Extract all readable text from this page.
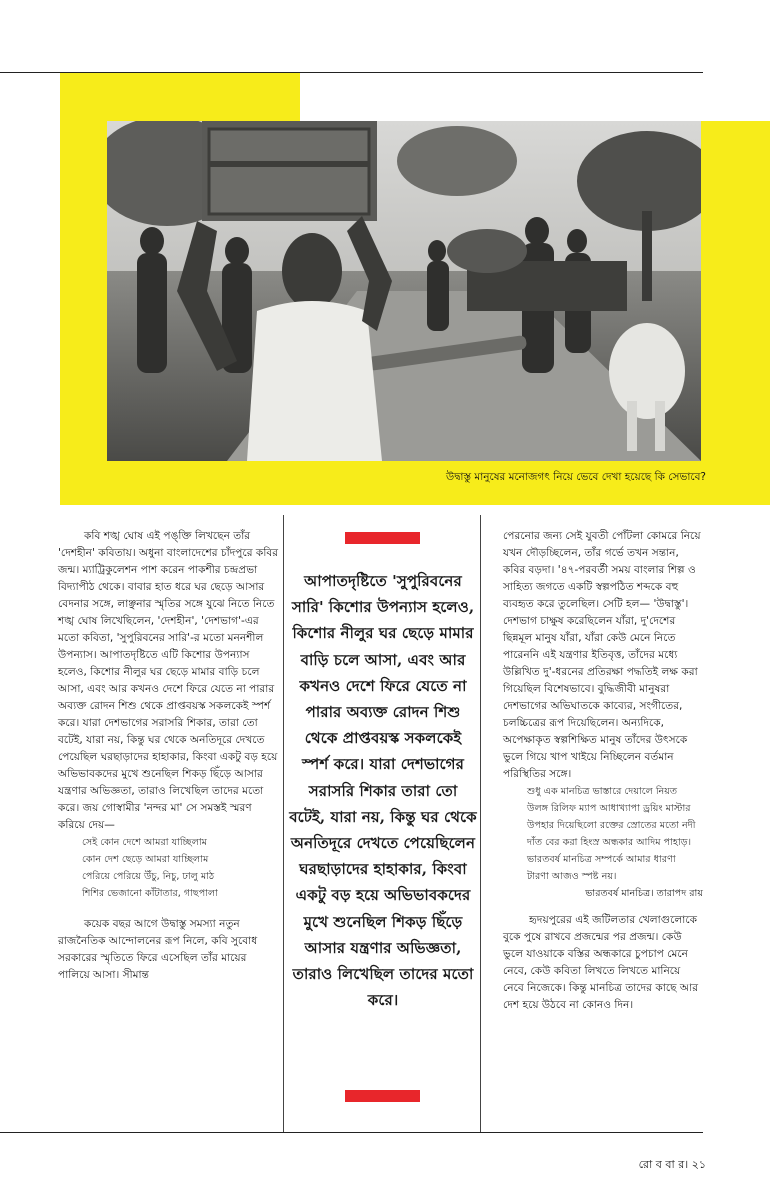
উদ্বাস্তু মানুষের মনোজগৎ নিয়ে ভেবে দেখা হয়েছে কি সেভাবে?

কবি শঙ্খ ঘোষ এই পঙ্‌ক্তি লিখছেন তাঁর 'দেশহীন' কবিতায়। অধুনা বাংলাদেশের চাঁদপুরে কবির জন্ম। ম্যাট্রিকুলেশন পাশ করেন পাকশীর চন্দ্রপ্রভা বিদ্যাপীঠ থেকে। বাবার হাত ধরে ঘর ছেড়ে আসার বেদনার সঙ্গে, লাঞ্ছনার স্মৃতির সঙ্গে যুঝে নিতে নিতে শঙ্খ ঘোষ লিখেছিলেন, 'দেশহীন', 'দেশভাগ'-এর মতো কবিতা, 'সুপুরিবনের সারি'-র মতো মননশীল উপন্যাস। আপাতদৃষ্টিতে এটি কিশোর উপন্যাস হলেও, কিশোর নীলুর ঘর ছেড়ে মামার বাড়ি চলে আসা, এবং আর কখনও দেশে ফিরে যেতে না পারার অব্যক্ত রোদন শিশু থেকে প্রাপ্তবয়স্ক সকলকেই স্পর্শ করে। যারা দেশভাগের সরাসরি শিকার, তারা তো বটেই, যারা নয়, কিন্তু ঘর থেকে অনতিদূরে দেখতে পেয়েছিল ঘরছাড়াদের হাহাকার, কিংবা একটু বড় হয়ে অভিভাবকদের মুখে শুনেছিল শিকড় ছিঁড়ে আসার যন্ত্রণার অভিজ্ঞতা, তারাও লিখেছিল তাদের মতো করে। জয় গোস্বামীর 'নন্দর মা' সে সমস্তই স্মরণ করিয়ে দেয়—

সেই কোন দেশে আমরা যাচ্ছিলাম
কোন দেশ ছেড়ে আমরা যাচ্ছিলাম
পেরিয়ে পেরিয়ে উঁচু, নিচু, ঢালু মাঠ
শিশির ভেজানো কাঁটাতার, গাছপালা

কয়েক বছর আগে উদ্বাস্তু সমস্যা নতুন রাজনৈতিক আন্দোলনের রূপ নিলে, কবি সুবোধ সরকারের স্মৃতিতে ফিরে এসেছিল তাঁর মায়ের পালিয়ে আসা। সীমান্ত

আপাতদৃষ্টিতে 'সুপুরিবনের সারি' কিশোর উপন্যাস হলেও, কিশোর নীলুর ঘর ছেড়ে মামার বাড়ি চলে আসা, এবং আর কখনও দেশে ফিরে যেতে না পারার অব্যক্ত রোদন শিশু থেকে প্রাপ্তবয়স্ক সকলকেই স্পর্শ করে। যারা দেশভাগের সরাসরি শিকার তারা তো বটেই, যারা নয়, কিন্তু ঘর থেকে অনতিদূরে দেখতে পেয়েছিলেন ঘরছাড়াদের হাহাকার, কিংবা একটু বড় হয়ে অভিভাবকদের মুখে শুনেছিল শিকড় ছিঁড়ে আসার যন্ত্রণার অভিজ্ঞতা, তারাও লিখেছিল তাদের মতো করে।

পেরনোর জন্য সেই যুবতী পোঁটলা কোমরে নিয়ে যখন দৌড়চ্ছিলেন, তাঁর গর্ভে তখন সন্তান, কবির বড়দা। '৪৭-পরবর্তী সময় বাংলার শিল্প ও সাহিত্য জগতে একটি স্বল্পপঠিত শব্দকে বহু ব্যবহৃত করে তুলেছিল। সেটি হল— 'উদ্বাস্তু'। দেশভাগ চাক্ষুষ করেছিলেন যাঁরা, দু'দেশের ছিন্নমূল মানুষ যাঁরা, যাঁরা কেউ মেনে নিতে পারেননি এই যন্ত্রণার ইতিবৃত্ত, তাঁদের মধ্যে উল্লিখিত দু'-ধরনের প্রতিরক্ষা পদ্ধতিই লক্ষ করা গিয়েছিল বিশেষভাবে। বুদ্ধিজীবী মানুষরা দেশভাগের অভিঘাতকে কাব্যের, সংগীতের, চলচ্চিত্রের রূপ দিয়েছিলেন। অন্যদিকে, অপেক্ষাকৃত স্বল্পশিক্ষিত মানুষ তাঁদের উৎসকে ভুলে গিয়ে খাপ খাইয়ে নিচ্ছিলেন বর্তমান পরিস্থিতির সঙ্গে।

শুধু এক মানচিত্র ভাস্তারে দেয়ালে নিয়ত
উলঙ্গ রিলিফ ম্যাপ আধাখ্যাপা ড্রয়িং মাস্টার
উপহার দিয়েছিলো রক্তের স্রোতের মতো নদী
দাঁত বের করা হিংস্র অন্ধকার আদিম পাহাড়।
ভারতবর্ষ মানচিত্র সম্পর্কে আমার ধারণা
টারণা আজও স্পষ্ট নয়।
ভারতবর্ষ মানচিত্র। তারাপদ রায়

হৃদয়পুরের এই জটিলতার খেলাগুলোকে বুকে পুষে রাখবে প্রজন্মের পর প্রজন্ম। কেউ ভুলে যাওয়াকে বস্তির অন্ধকারে চুপচাপ মেনে নেবে, কেউ কবিতা লিখতে লিখতে মানিয়ে নেবে নিজেকে। কিন্তু মানচিত্র তাদের কাছে আর দেশ হয়ে উঠবে না কোনও দিন।

রো ব বা র। ২১
